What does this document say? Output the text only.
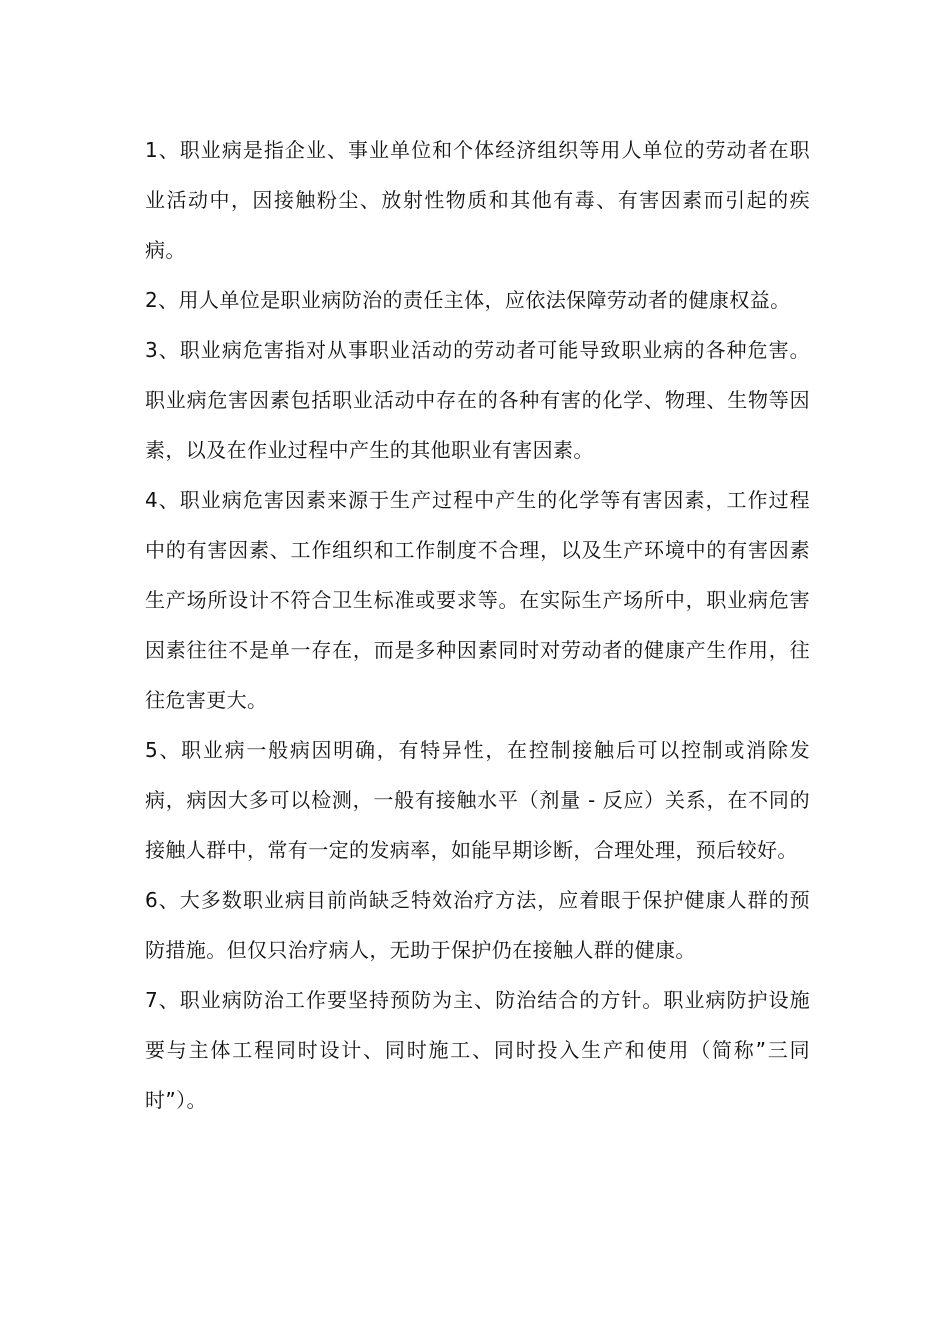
1、职业病是指企业、事业单位和个体经济组织等用人单位的劳动者在职业活动中，因接触粉尘、放射性物质和其他有毒、有害因素而引起的疾病。

2、用人单位是职业病防治的责任主体，应依法保障劳动者的健康权益。

3、职业病危害指对从事职业活动的劳动者可能导致职业病的各种危害。职业病危害因素包括职业活动中存在的各种有害的化学、物理、生物等因素，以及在作业过程中产生的其他职业有害因素。

4、职业病危害因素来源于生产过程中产生的化学等有害因素，工作过程中的有害因素、工作组织和工作制度不合理，以及生产环境中的有害因素生产场所设计不符合卫生标准或要求等。在实际生产场所中，职业病危害因素往往不是单一存在，而是多种因素同时对劳动者的健康产生作用，往往危害更大。

5、职业病一般病因明确，有特异性，在控制接触后可以控制或消除发病，病因大多可以检测，一般有接触水平（剂量 - 反应）关系，在不同的接触人群中，常有一定的发病率，如能早期诊断，合理处理，预后较好。

6、大多数职业病目前尚缺乏特效治疗方法，应着眼于保护健康人群的预防措施。但仅只治疗病人，无助于保护仍在接触人群的健康。

7、职业病防治工作要坚持预防为主、防治结合的方针。职业病防护设施要与主体工程同时设计、同时施工、同时投入生产和使用（简称”三同时”）。
